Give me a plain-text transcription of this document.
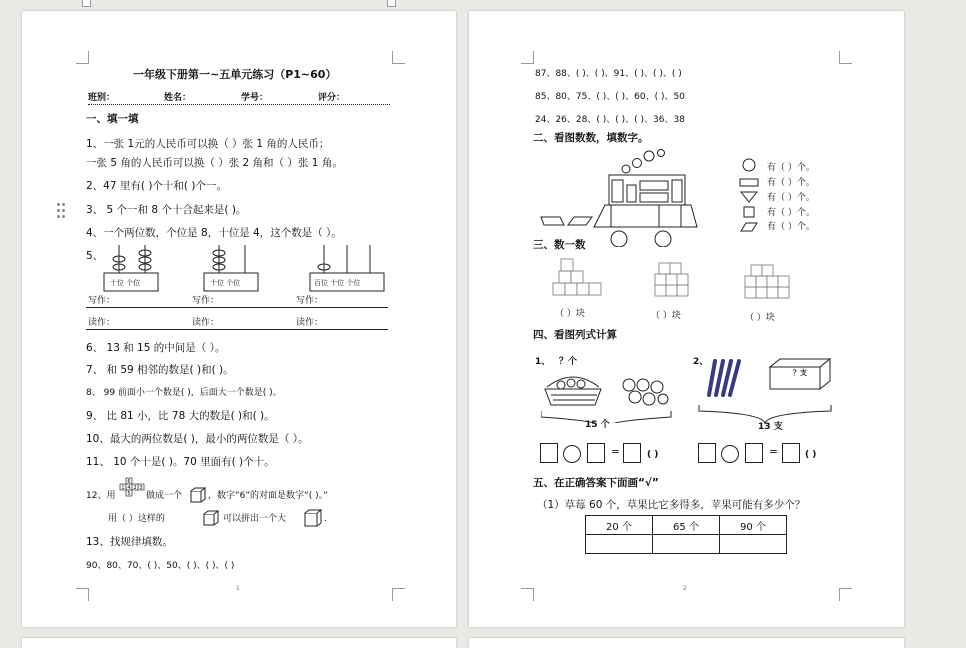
一年级下册第一~五单元练习（P1~60）
班别：	姓名：	学号：	评分：
一、填一填
1、一张 1元的人民币可以换（ ）张 1 角的人民币；
一张 5 角的人民币可以换（ ）张 2 角和（ ）张 1 角。
2、47 里有( )个十和( )个一。
3、 5 个一和 8 个十合起来是( )。
4、一个两位数，个位是 8，十位是 4，这个数是（ ）。
5、
十位 个位	十位 个位	百位 十位 个位
写作：	写作：	写作：
读作：	读作：	读作：
6、 13 和 15 的中间是（ ）。
7、 和 59 相邻的数是( )和( )。
8、 99 前面小一个数是( )，后面大一个数是( )。
9、 比 81 小，比 78 大的数是( )和( )。
10、最大的两位数是( )，最小的两位数是（ ）。
11、 10 个十是( )。70 里面有( )个十。
12、用
6
1 4 2 3
5 做成一个	，数字“6”的对面是数字“( )。”
用（ ）这样的	可以拼出一个大	.
13、找规律填数。
90、80、70、( )、50、( )、( )、( )
1
87、88、( )、( )、91、( )、( )、( )
85、80、75、( )、( )、60、( )、50
24、26、28、( )、( )、( )、36、38
二、看图数数，填数字。
有（ ）个。
有（ ）个。
有（ ）个。
有（ ）个。
有（ ）个。
三、数一数
（ ）块	（ ）块	（ ）块
四、看图列式计算
1、 ？个
15 个
2、
？支
13 支
=	( )	=	( )
五、在正确答案下面画“√”
（1）草莓 60 个，草果比它多得多，苹果可能有多少个？
20 个	65 个	90 个

2
